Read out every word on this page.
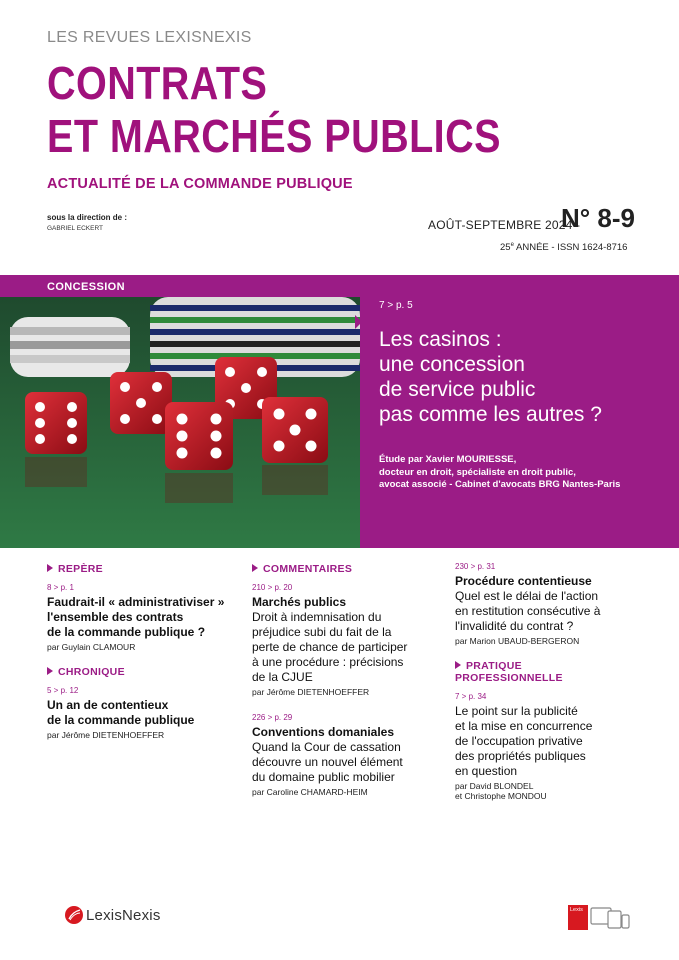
LES REVUES LEXISNEXIS
CONTRATS
ET MARCHÉS PUBLICS
ACTUALITÉ DE LA COMMANDE PUBLIQUE
sous la direction de :
GABRIEL ECKERT	AOÛT-SEPTEMBRE 2024 -
N° 8-9
25e ANNÉE - ISSN 1624-8716
CONCESSION
7 > p. 5
Les casinos :
une concession
de service public
pas comme les autres ?
Étude par Xavier MOURIESSE,
docteur en droit, spécialiste en droit public,
avocat associé - Cabinet d'avocats BRG Nantes-Paris
REPÈRE
8 > p. 1
Faudrait-il « administrativiser »
l'ensemble des contrats
de la commande publique ?
par Guylain CLAMOUR
CHRONIQUE
5 > p. 12
Un an de contentieux
de la commande publique
par Jérôme DIETENHOEFFER
COMMENTAIRES
210 > p. 20
Marchés publics
Droit à indemnisation du
préjudice subi du fait de la
perte de chance de participer
à une procédure : précisions
de la CJUE
par Jérôme DIETENHOEFFER
226 > p. 29
Conventions domaniales
Quand la Cour de cassation
découvre un nouvel élément
du domaine public mobilier
par Caroline CHAMARD-HEIM
230 > p. 31
Procédure contentieuse
Quel est le délai de l'action
en restitution consécutive à
l'invalidité du contrat ?
par Marion UBAUD-BERGERON
PRATIQUE
PROFESSIONNELLE
7 > p. 34
Le point sur la publicité
et la mise en concurrence
de l'occupation privative
des propriétés publiques
en question
par David BLONDEL
et Christophe MONDOU
LexisNexis	Lexis
